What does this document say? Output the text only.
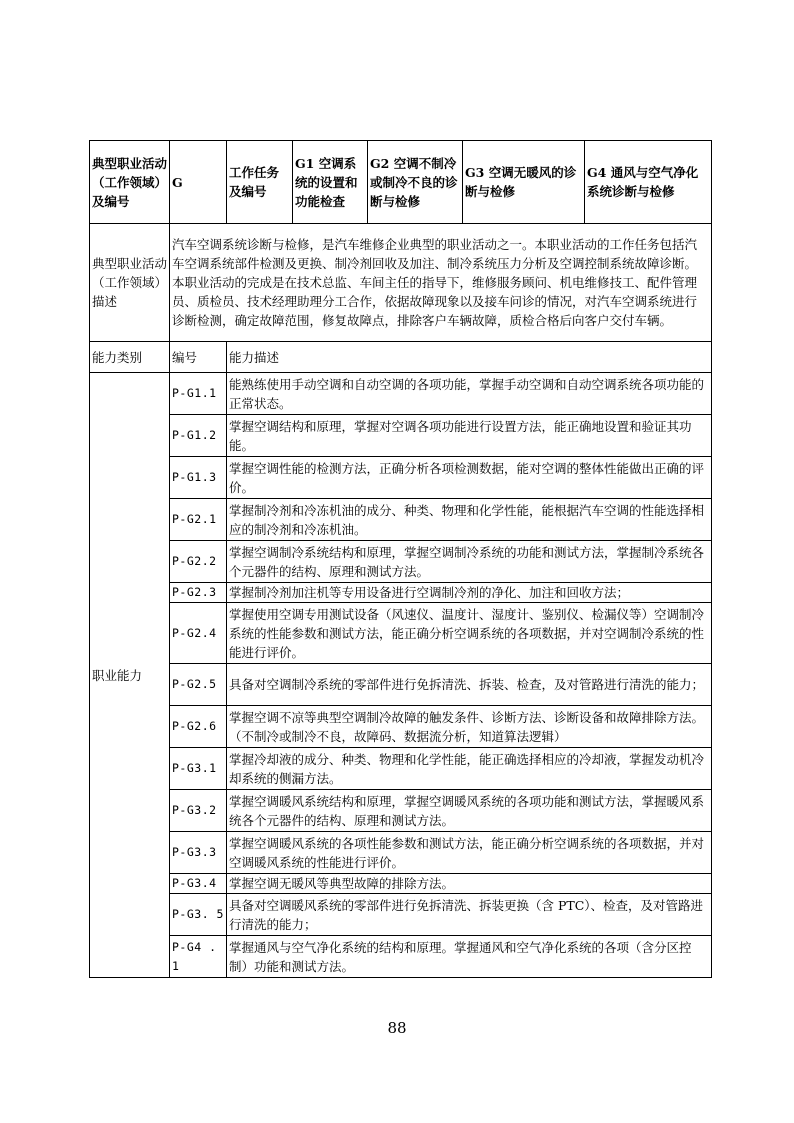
典型职业活动（工作领域）及编号	G	工作任务及编号	G1 空调系统的设置和功能检查	G2 空调不制冷或制冷不良的诊断与检修	G3 空调无暖风的诊断与检修	G4 通风与空气净化系统诊断与检修
典型职业活动（工作领域）描述	汽车空调系统诊断与检修，是汽车维修企业典型的职业活动之一。本职业活动的工作任务包括汽车空调系统部件检测及更换、制冷剂回收及加注、制冷系统压力分析及空调控制系统故障诊断。       本职业活动的完成是在技术总监、车间主任的指导下，维修服务顾问、机电维修技工、配件管理员、质检员、技术经理助理分工合作，依据故障现象以及接车问诊的情况，对汽车空调系统进行诊断检测，确定故障范围，修复故障点，排除客户车辆故障，质检合格后向客户交付车辆。					
能力类别	编号	能力描述				
职业能力	P-G1.1	能熟练使用手动空调和自动空调的各项功能，掌握手动空调和自动空调系统各项功能的正常状态。				
	P-G1.2	掌握空调结构和原理，掌握对空调各项功能进行设置方法，能正确地设置和验证其功能。				
	P-G1.3	掌握空调性能的检测方法，正确分析各项检测数据，能对空调的整体性能做出正确的评价。				
	P-G2.1	掌握制冷剂和冷冻机油的成分、种类、物理和化学性能，能根据汽车空调的性能选择相应的制冷剂和冷冻机油。				
	P-G2.2	掌握空调制冷系统结构和原理，掌握空调制冷系统的功能和测试方法，掌握制冷系统各个元器件的结构、原理和测试方法。				
	P-G2.3	掌握制冷剂加注机等专用设备进行空调制冷剂的净化、加注和回收方法；				
	P-G2.4	掌握使用空调专用测试设备（风速仪、温度计、湿度计、鉴别仪、检漏仪等）空调制冷系统的性能参数和测试方法，能正确分析空调系统的各项数据，并对空调制冷系统的性能进行评价。				
	P-G2.5	具备对空调制冷系统的零部件进行免拆清洗、拆装、检查，及对管路进行清洗的能力；				
	P-G2.6	掌握空调不凉等典型空调制冷故障的触发条件、诊断方法、诊断设备和故障排除方法。（不制冷或制冷不良，故障码、数据流分析，知道算法逻辑）				
	P-G3.1	掌握冷却液的成分、种类、物理和化学性能，能正确选择相应的冷却液，掌握发动机冷却系统的侧漏方法。				
	P-G3.2	掌握空调暖风系统结构和原理，掌握空调暖风系统的各项功能和测试方法，掌握暖风系统各个元器件的结构、原理和测试方法。				
	P-G3.3	掌握空调暖风系统的各项性能参数和测试方法，能正确分析空调系统的各项数据，并对空调暖风系统的性能进行评价。				
	P-G3.4	掌握空调无暖风等典型故障的排除方法。				
	P-G3. 5	具备对空调暖风系统的零部件进行免拆清洗、拆装更换（含 PTC）、检查，及对管路进行清洗的能力；				
	P-G4 . 1	掌握通风与空气净化系统的结构和原理。掌握通风和空气净化系统的各项（含分区控制）功能和测试方法。				
88
